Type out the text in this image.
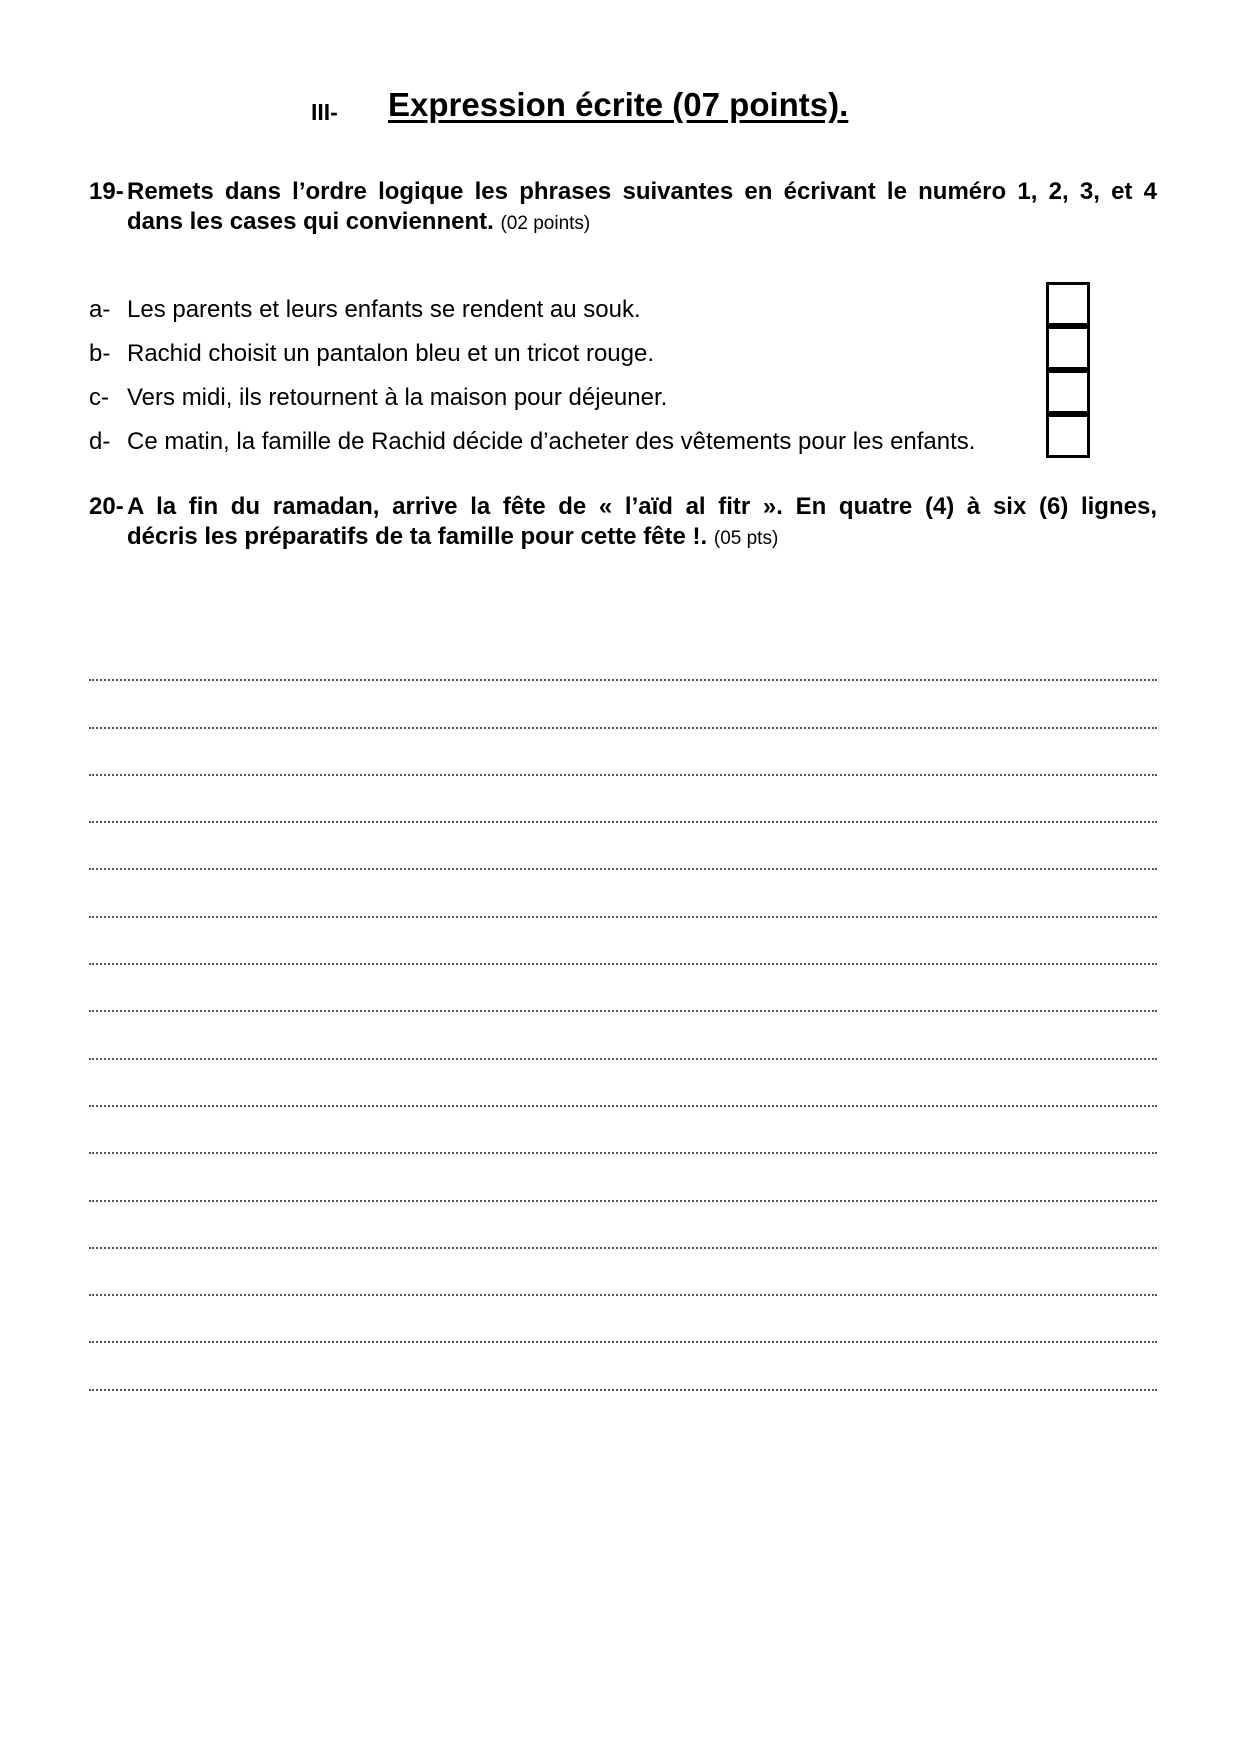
III- Expression écrite (07 points).
19- Remets dans l’ordre logique les phrases suivantes en écrivant le numéro 1, 2, 3, et 4
dans les cases qui conviennent. (02 points)
a- Les parents et leurs enfants se rendent au souk.
b- Rachid choisit un pantalon bleu et un tricot rouge.
c- Vers midi, ils retournent à la maison pour déjeuner.
d- Ce matin, la famille de Rachid décide d’acheter des vêtements pour les enfants.
20- A la fin du ramadan, arrive la fête de « l’aïd al fitr ». En quatre (4) à six (6) lignes,
décris les préparatifs de ta famille pour cette fête !. (05 pts)
